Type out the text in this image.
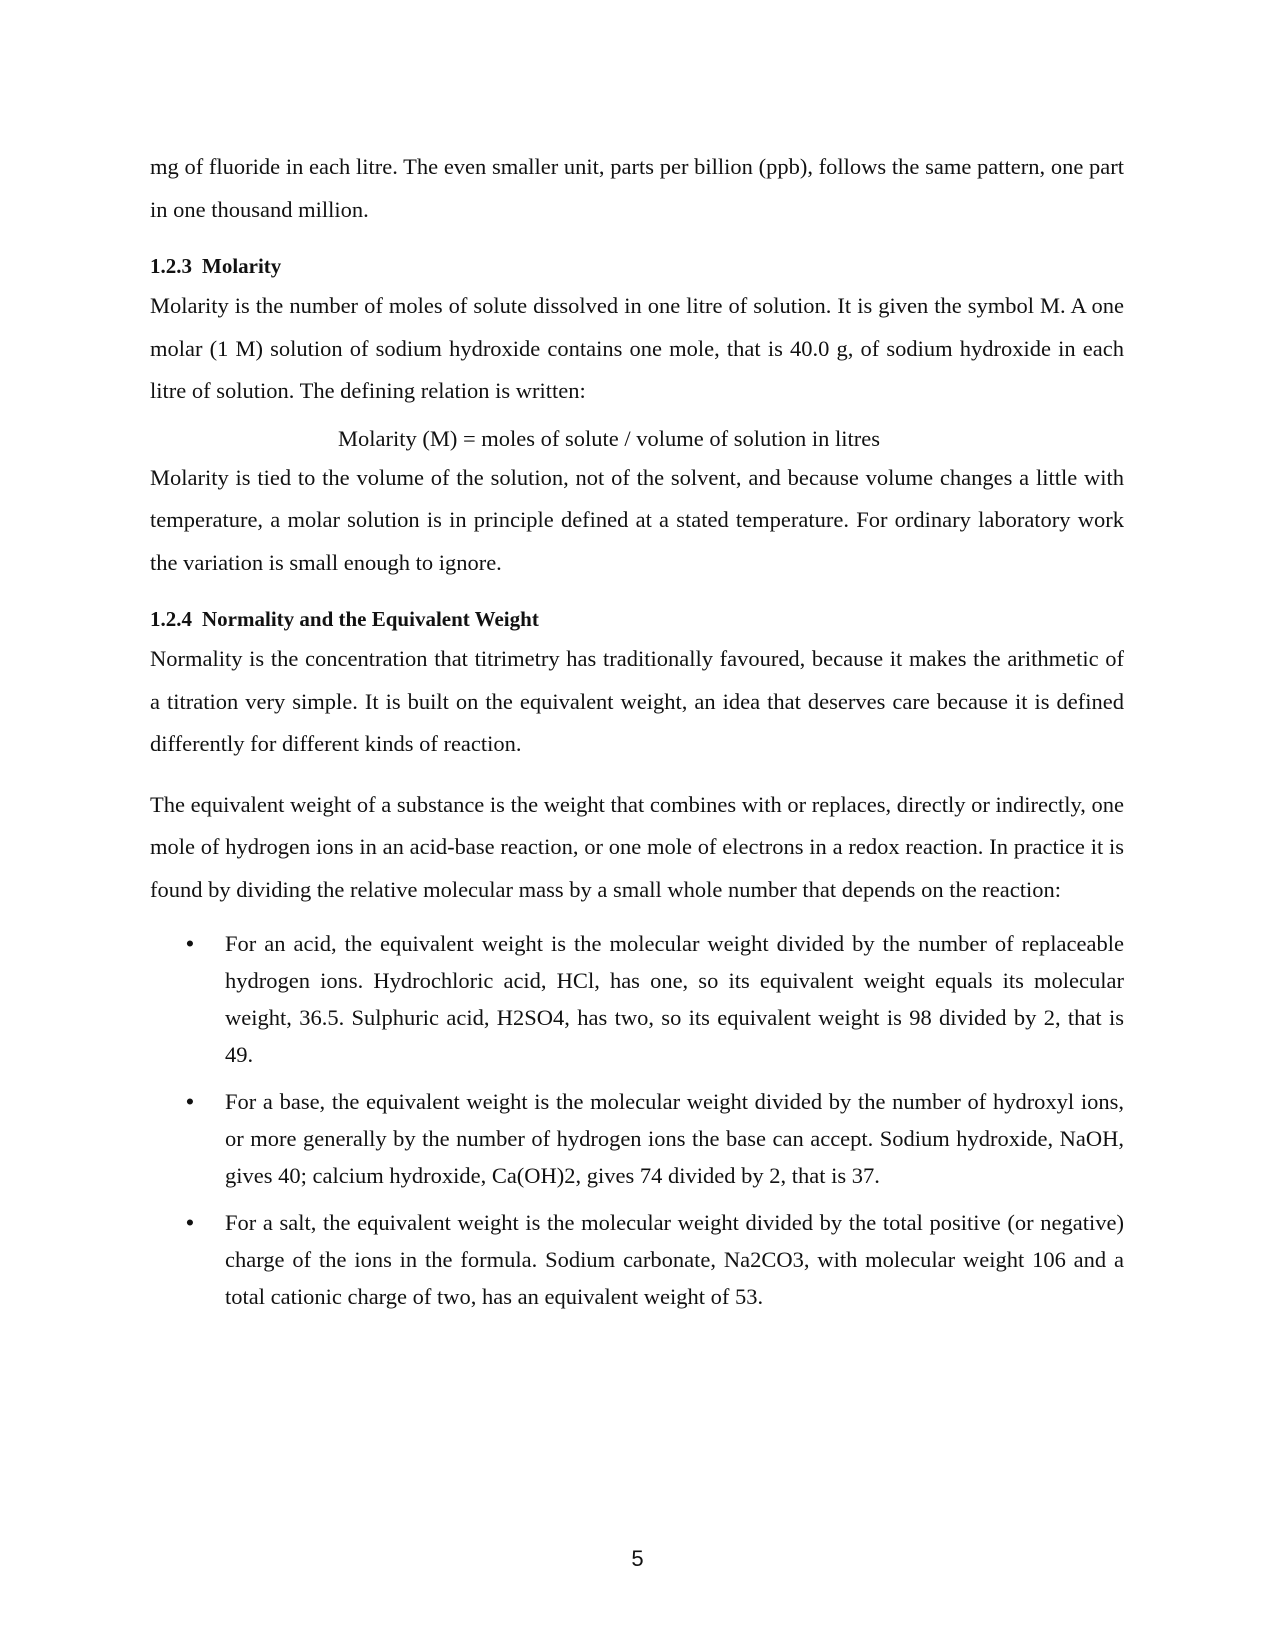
mg of fluoride in each litre. The even smaller unit, parts per billion (ppb), follows the same pattern, one part in one thousand million.

1.2.3 Molarity

Molarity is the number of moles of solute dissolved in one litre of solution. It is given the symbol M. A one molar (1 M) solution of sodium hydroxide contains one mole, that is 40.0 g, of sodium hydroxide in each litre of solution. The defining relation is written:

Molarity (M) = moles of solute / volume of solution in litres

Molarity is tied to the volume of the solution, not of the solvent, and because volume changes a little with temperature, a molar solution is in principle defined at a stated temperature. For ordinary laboratory work the variation is small enough to ignore.

1.2.4 Normality and the Equivalent Weight

Normality is the concentration that titrimetry has traditionally favoured, because it makes the arithmetic of a titration very simple. It is built on the equivalent weight, an idea that deserves care because it is defined differently for different kinds of reaction.

The equivalent weight of a substance is the weight that combines with or replaces, directly or indirectly, one mole of hydrogen ions in an acid-base reaction, or one mole of electrons in a redox reaction. In practice it is found by dividing the relative molecular mass by a small whole number that depends on the reaction:

• For an acid, the equivalent weight is the molecular weight divided by the number of replaceable hydrogen ions. Hydrochloric acid, HCl, has one, so its equivalent weight equals its molecular weight, 36.5. Sulphuric acid, H2SO4, has two, so its equivalent weight is 98 divided by 2, that is 49.
• For a base, the equivalent weight is the molecular weight divided by the number of hydroxyl ions, or more generally by the number of hydrogen ions the base can accept. Sodium hydroxide, NaOH, gives 40; calcium hydroxide, Ca(OH)2, gives 74 divided by 2, that is 37.
• For a salt, the equivalent weight is the molecular weight divided by the total positive (or negative) charge of the ions in the formula. Sodium carbonate, Na2CO3, with molecular weight 106 and a total cationic charge of two, has an equivalent weight of 53.
5
